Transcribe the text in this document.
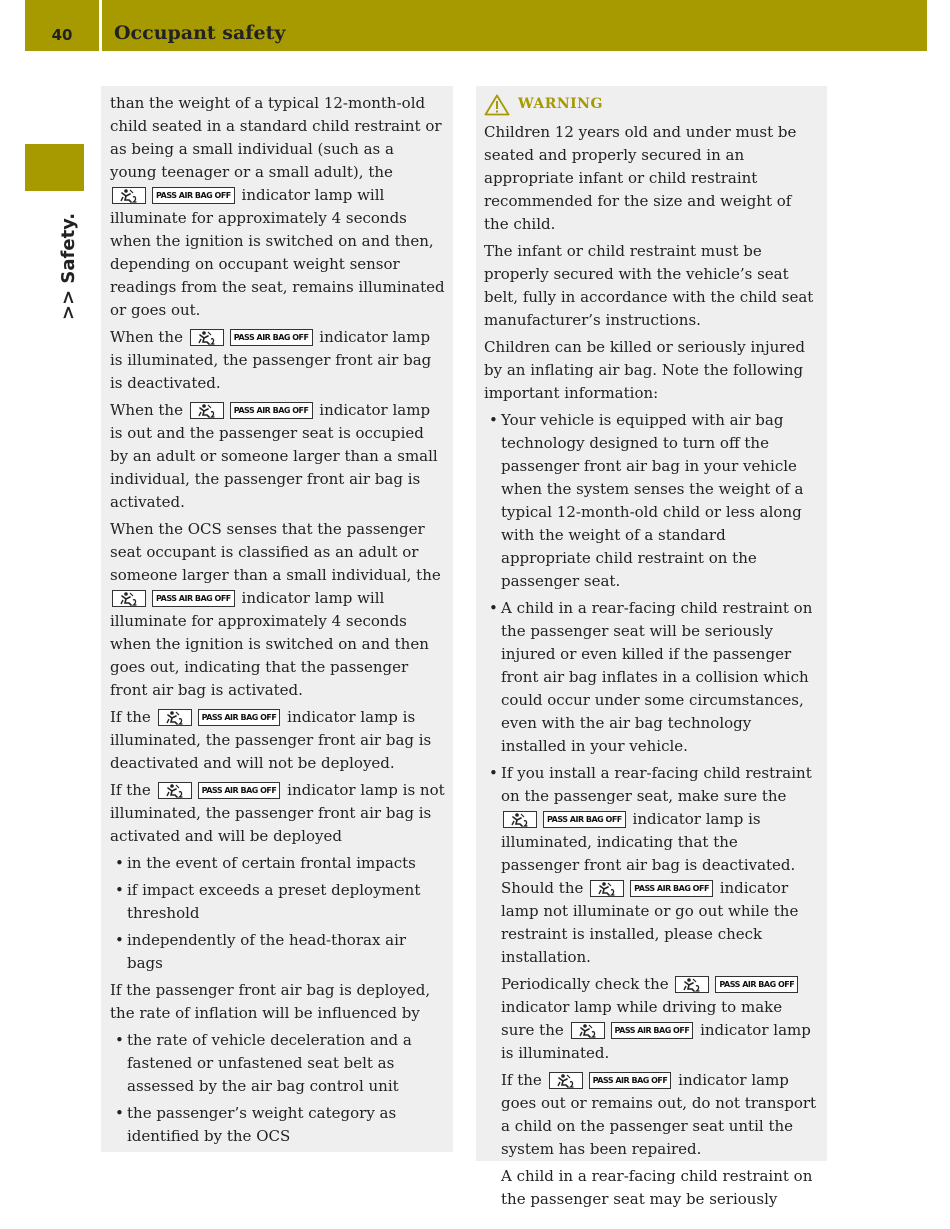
40	Occupant safety
>> Safety.

than the weight of a typical 12-month-old child seated in a standard child restraint or as being a small individual (such as a young teenager or a small adult), the
PASS AIR BAG OFF indicator lamp will illuminate for approximately 4 seconds when the ignition is switched on and then, depending on occupant weight sensor readings from the seat, remains illuminated or goes out.

When the	PASS AIR BAG OFF indicator lamp is illuminated, the passenger front air bag is deactivated.

When the	PASS AIR BAG OFF indicator lamp is out and the passenger seat is occupied by an adult or someone larger than a small individual, the passenger front air bag is activated.

When the OCS senses that the passenger seat occupant is classified as an adult or someone larger than a small individual, the
PASS AIR BAG OFF indicator lamp will illuminate for approximately 4 seconds when the ignition is switched on and then goes out, indicating that the passenger front air bag is activated.

If the	PASS AIR BAG OFF indicator lamp is illuminated, the passenger front air bag is deactivated and will not be deployed.

If the	PASS AIR BAG OFF indicator lamp is not illuminated, the passenger front air bag is activated and will be deployed

• in the event of certain frontal impacts
• if impact exceeds a preset deployment threshold
• independently of the head-thorax air bags

If the passenger front air bag is deployed, the rate of inflation will be influenced by

• the rate of vehicle deceleration and a fastened or unfastened seat belt as assessed by the air bag control unit
• the passenger’s weight category as identified by the OCS
WARNING

Children 12 years old and under must be seated and properly secured in an appropriate infant or child restraint recommended for the size and weight of the child.

The infant or child restraint must be properly secured with the vehicle’s seat belt, fully in accordance with the child seat manufacturer’s instructions.

Children can be killed or seriously injured by an inflating air bag. Note the following important information:

• Your vehicle is equipped with air bag technology designed to turn off the passenger front air bag in your vehicle when the system senses the weight of a typical 12-month-old child or less along with the weight of a standard appropriate child restraint on the passenger seat.
• A child in a rear-facing child restraint on the passenger seat will be seriously injured or even killed if the passenger front air bag inflates in a collision which could occur under some circumstances, even with the air bag technology installed in your vehicle.
• If you install a rear-facing child restraint on the passenger seat, make sure the
PASS AIR BAG OFF indicator lamp is illuminated, indicating that the passenger front air bag is deactivated. Should the	PASS AIR BAG OFF indicator lamp not illuminate or go out while the restraint is installed, please check installation.

Periodically check the	PASS AIR BAG OFF
indicator lamp while driving to make sure the	PASS AIR BAG OFF indicator lamp is illuminated.

If the	PASS AIR BAG OFF indicator lamp goes out or remains out, do not transport a child on the passenger seat until the system has been repaired.

A child in a rear-facing child restraint on the passenger seat may be seriously
